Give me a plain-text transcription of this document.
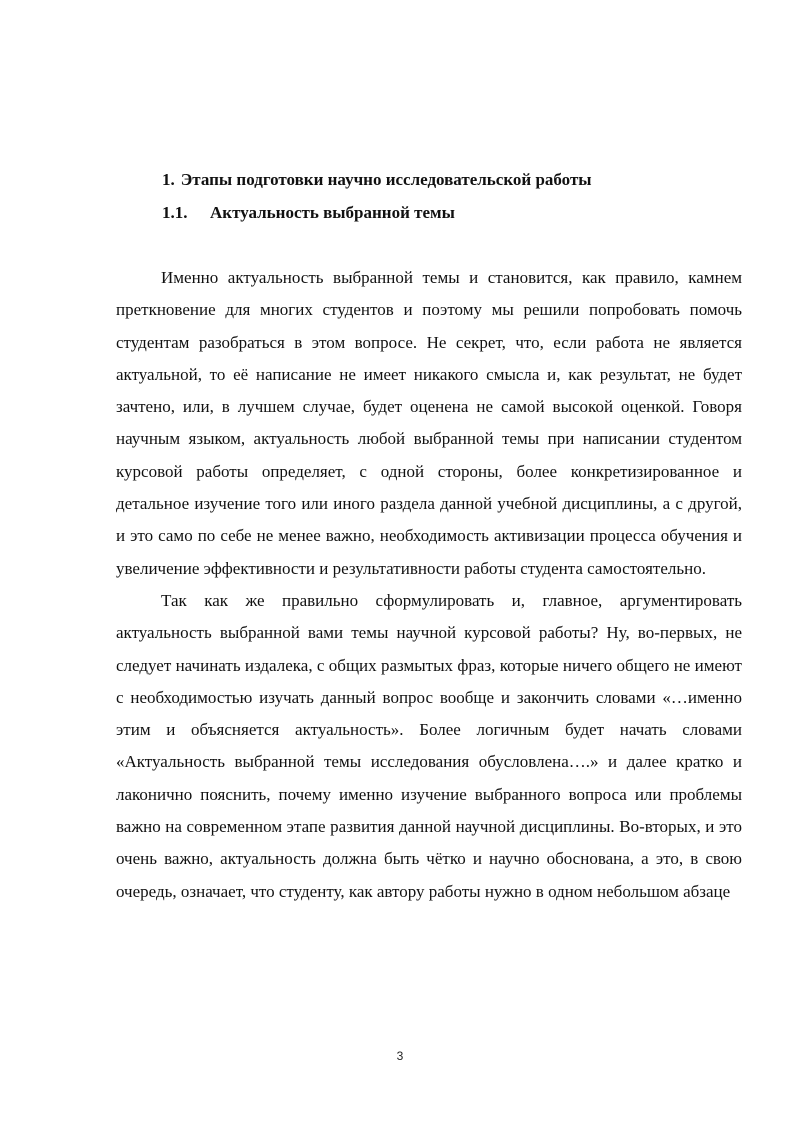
1. Этапы подготовки научно исследовательской работы
1.1. Актуальность выбранной темы

Именно актуальность выбранной темы и становится, как правило, камнем преткновение для многих студентов и поэтому мы решили попробовать помочь студентам разобраться в этом вопросе. Не секрет, что, если работа не является актуальной, то её написание не имеет никакого смысла и, как результат, не будет зачтено, или, в лучшем случае, будет оценена не самой высокой оценкой. Говоря научным языком, актуальность любой выбранной темы при написании студентом курсовой работы определяет, с одной стороны, более конкретизированное и детальное изучение того или иного раздела данной учебной дисциплины, а с другой, и это само по себе не менее важно, необходимость активизации процесса обучения и увеличение эффективности и результативности работы студента самостоятельно.

Так как же правильно сформулировать и, главное, аргументировать актуальность выбранной вами темы научной курсовой работы? Ну, во-первых, не следует начинать издалека, с общих размытых фраз, которые ничего общего не имеют с необходимостью изучать данный вопрос вообще и закончить словами «…именно этим и объясняется актуальность». Более логичным будет начать словами «Актуальность выбранной темы исследования обусловлена….» и далее кратко и лаконично пояснить, почему именно изучение выбранного вопроса или проблемы важно на современном этапе развития данной научной дисциплины. Во-вторых, и это очень важно, актуальность должна быть чётко и научно обоснована, а это, в свою очередь, означает, что студенту, как автору работы нужно в одном небольшом абзаце

3
